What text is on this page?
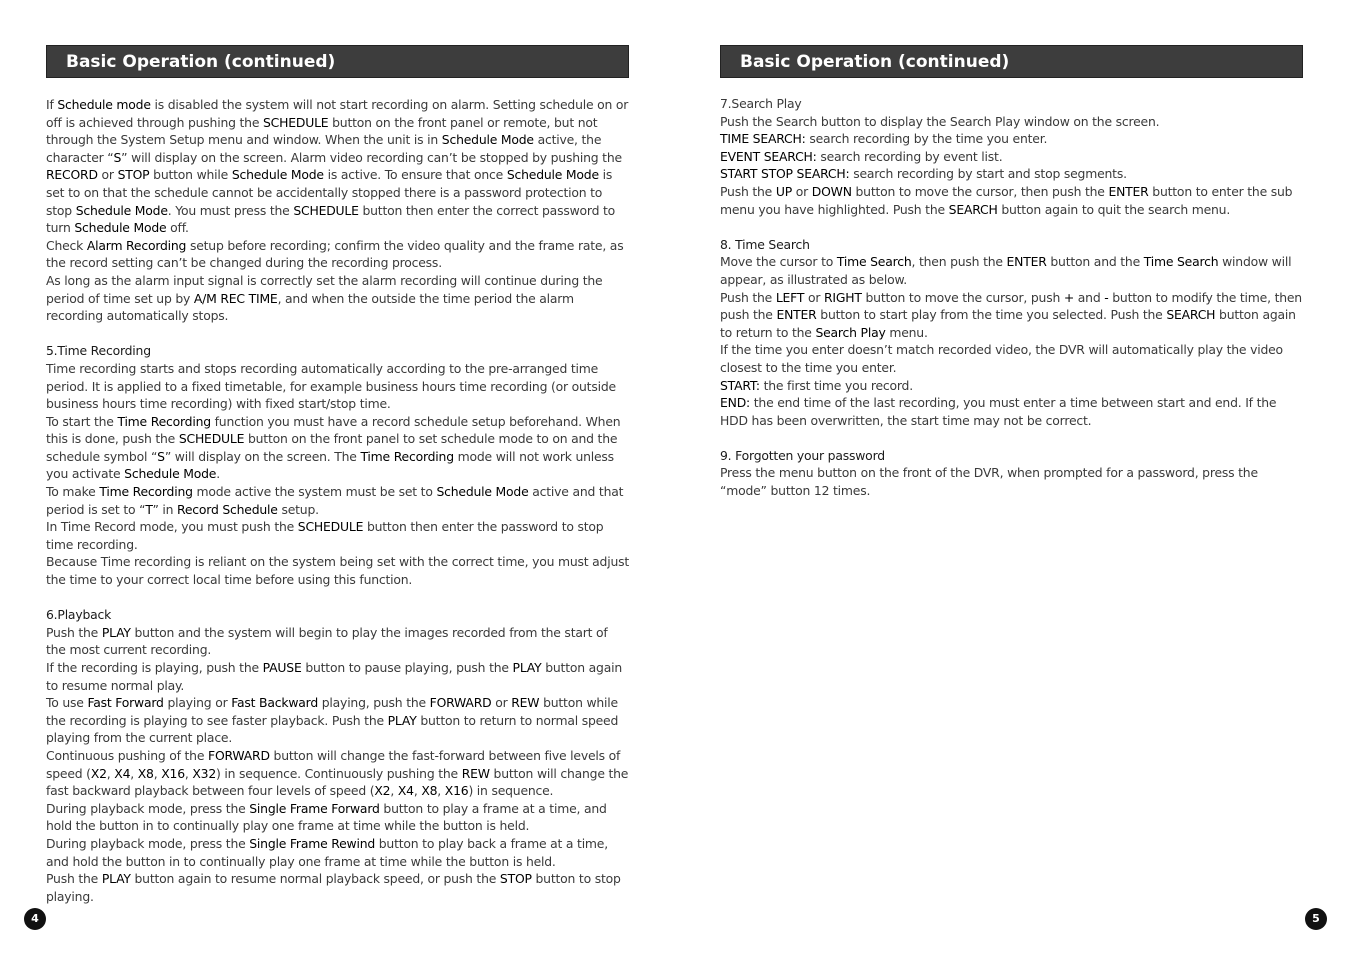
Basic Operation (continued)

If Schedule mode is disabled the system will not start recording on alarm. Setting schedule on or off is achieved through pushing the SCHEDULE button on the front panel or remote, but not through the System Setup menu and window. When the unit is in Schedule Mode active, the character “S” will display on the screen. Alarm video recording can’t be stopped by pushing the RECORD or STOP button while Schedule Mode is active. To ensure that once Schedule Mode is set to on that the schedule cannot be accidentally stopped there is a password protection to stop Schedule Mode. You must press the SCHEDULE button then enter the correct password to turn Schedule Mode off.

Check Alarm Recording setup before recording; confirm the video quality and the frame rate, as the record setting can’t be changed during the recording process.

As long as the alarm input signal is correctly set the alarm recording will continue during the period of time set up by A/M REC TIME, and when the outside the time period the alarm recording automatically stops.

5.Time Recording

Time recording starts and stops recording automatically according to the pre-arranged time period. It is applied to a fixed timetable, for example business hours time recording (or outside business hours time recording) with fixed start/stop time.

To start the Time Recording function you must have a record schedule setup beforehand. When this is done, push the SCHEDULE button on the front panel to set schedule mode to on and the schedule symbol “S” will display on the screen. The Time Recording mode will not work unless you activate Schedule Mode.

To make Time Recording mode active the system must be set to Schedule Mode active and that period is set to “T” in Record Schedule setup.

In Time Record mode, you must push the SCHEDULE button then enter the password to stop time recording.

Because Time recording is reliant on the system being set with the correct time, you must adjust the time to your correct local time before using this function.

6.Playback

Push the PLAY button and the system will begin to play the images recorded from the start of the most current recording.

If the recording is playing, push the PAUSE button to pause playing, push the PLAY button again to resume normal play.

To use Fast Forward playing or Fast Backward playing, push the FORWARD or REW button while the recording is playing to see faster playback. Push the PLAY button to return to normal speed playing from the current place.

Continuous pushing of the FORWARD button will change the fast-forward between five levels of speed (X2, X4, X8, X16, X32) in sequence. Continuously pushing the REW button will change the fast backward playback between four levels of speed (X2, X4, X8, X16) in sequence.

During playback mode, press the Single Frame Forward button to play a frame at a time, and hold the button in to continually play one frame at time while the button is held.

During playback mode, press the Single Frame Rewind button to play back a frame at a time, and hold the button in to continually play one frame at time while the button is held.

Push the PLAY button again to resume normal playback speed, or push the STOP button to stop playing.

4
Basic Operation (continued)

7.Search Play

Push the Search button to display the Search Play window on the screen.

TIME SEARCH: search recording by the time you enter.

EVENT SEARCH: search recording by event list.

START STOP SEARCH: search recording by start and stop segments.

Push the UP or DOWN button to move the cursor, then push the ENTER button to enter the sub menu you have highlighted. Push the SEARCH button again to quit the search menu.

8. Time Search

Move the cursor to Time Search, then push the ENTER button and the Time Search window will appear, as illustrated as below.

Push the LEFT or RIGHT button to move the cursor, push + and - button to modify the time, then push the ENTER button to start play from the time you selected. Push the SEARCH button again to return to the Search Play menu.

If the time you enter doesn’t match recorded video, the DVR will automatically play the video closest to the time you enter.

START: the first time you record.

END: the end time of the last recording, you must enter a time between start and end. If the HDD has been overwritten, the start time may not be correct.

9. Forgotten your password

Press the menu button on the front of the DVR, when prompted for a password, press the “mode” button 12 times.

5
